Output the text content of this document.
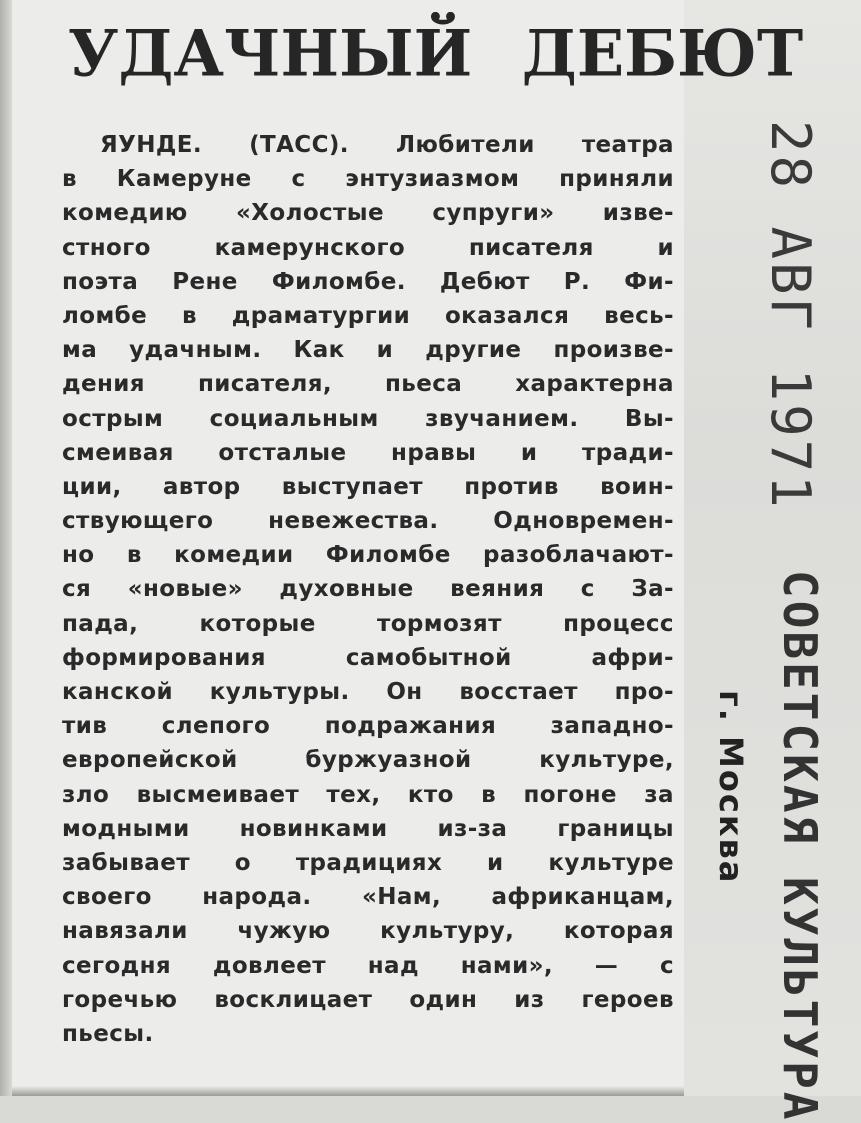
УДАЧНЫЙ ДЕБЮТ
ЯУНДЕ. (ТАСС). Любители театра
в Камеруне с энтузиазмом приняли
комедию «Холостые супруги» изве-
стного	камерунского	писателя	и
поэта Рене Филомбе. Дебют Р. Фи-
ломбе в драматургии оказался весь-
ма удачным. Как и другие произве-
дения писателя, пьеса характерна
острым социальным звучанием. Вы-
смеивая отсталые нравы и тради-
ции, автор выступает против воин-
ствующего невежества. Одновремен-
но в комедии Филомбе разоблачают-
ся «новые» духовные веяния с За-
пада,	которые	тормозят	процесс
формирования	самобытной	афри-
канской культуры. Он восстает про-
тив слепого подражания западно-
европейской	буржуазной	культуре,
зло высмеивает тех, кто в погоне за
модными новинками из-за границы
забывает о традициях и культуре
своего народа. «Нам, африканцам,
навязали чужую культуру, которая
сегодня довлеет над нами», — с
горечью восклицает один из героев
пьесы.
28 АВГ 1971
СОВЕТСКАЯ КУЛЬТУРА
г. Москва
